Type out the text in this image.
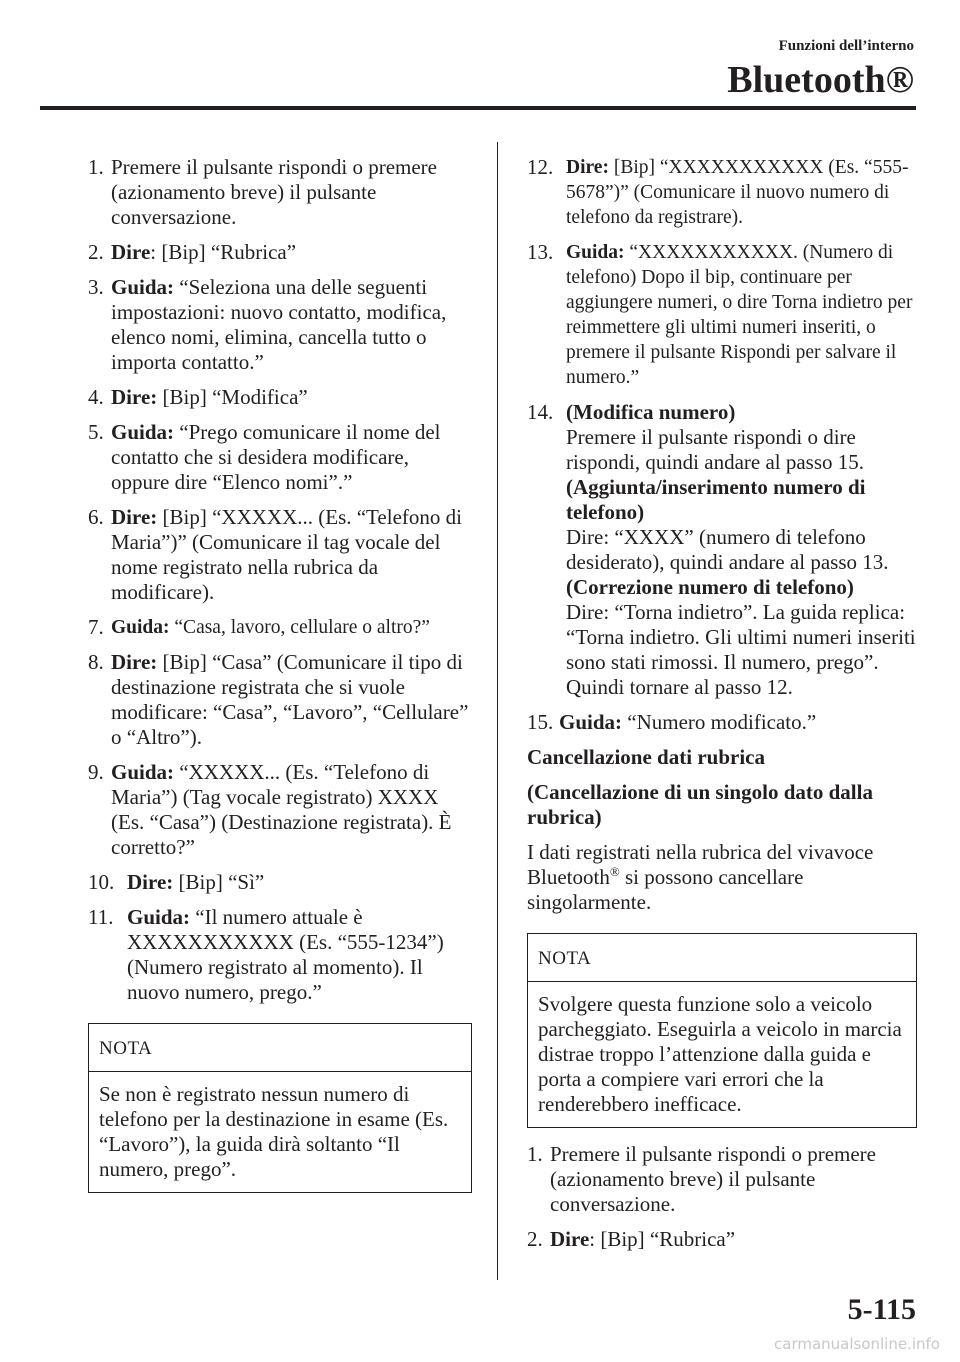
Funzioni dell’interno
Bluetooth®
1. Premere il pulsante rispondi o premere (azionamento breve) il pulsante conversazione.
2. Dire: [Bip] “Rubrica”
3. Guida: “Seleziona una delle seguenti impostazioni: nuovo contatto, modifica, elenco nomi, elimina, cancella tutto o importa contatto.”
4. Dire: [Bip] “Modifica”
5. Guida: “Prego comunicare il nome del contatto che si desidera modificare, oppure dire “Elenco nomi”.”
6. Dire: [Bip] “XXXXX... (Es. “Telefono di Maria”)” (Comunicare il tag vocale del nome registrato nella rubrica da modificare).
7. Guida: “Casa, lavoro, cellulare o altro?”
8. Dire: [Bip] “Casa” (Comunicare il tipo di destinazione registrata che si vuole modificare: “Casa”, “Lavoro”, “Cellulare” o “Altro”).
9. Guida: “XXXXX... (Es. “Telefono di Maria”) (Tag vocale registrato) XXXX (Es. “Casa”) (Destinazione registrata). È corretto?”
10. Dire: [Bip] “Sì”
11. Guida: “Il numero attuale è XXXXXXXXXXX (Es. “555-1234”) (Numero registrato al momento). Il nuovo numero, prego.”
NOTA
Se non è registrato nessun numero di telefono per la destinazione in esame (Es. “Lavoro”), la guida dirà soltanto “Il numero, prego”.
12. Dire: [Bip] “XXXXXXXXXXX (Es. “555-5678”)” (Comunicare il nuovo numero di telefono da registrare).
13. Guida: “XXXXXXXXXXX. (Numero di telefono) Dopo il bip, continuare per aggiungere numeri, o dire Torna indietro per reimmettere gli ultimi numeri inseriti, o premere il pulsante Rispondi per salvare il numero.”
14. (Modifica numero)
Premere il pulsante rispondi o dire rispondi, quindi andare al passo 15.
(Aggiunta/inserimento numero di telefono)
Dire: “XXXX” (numero di telefono desiderato), quindi andare al passo 13.
(Correzione numero di telefono)
Dire: “Torna indietro”. La guida replica: “Torna indietro. Gli ultimi numeri inseriti sono stati rimossi. Il numero, prego”. Quindi tornare al passo 12.
15. Guida: “Numero modificato.”
Cancellazione dati rubrica
(Cancellazione di un singolo dato dalla rubrica)
I dati registrati nella rubrica del vivavoce Bluetooth® si possono cancellare singolarmente.
NOTA
Svolgere questa funzione solo a veicolo parcheggiato. Eseguirla a veicolo in marcia distrae troppo l’attenzione dalla guida e porta a compiere vari errori che la renderebbero inefficace.
1. Premere il pulsante rispondi o premere (azionamento breve) il pulsante conversazione.
2. Dire: [Bip] “Rubrica”
5-115
carmanualsonline.info
